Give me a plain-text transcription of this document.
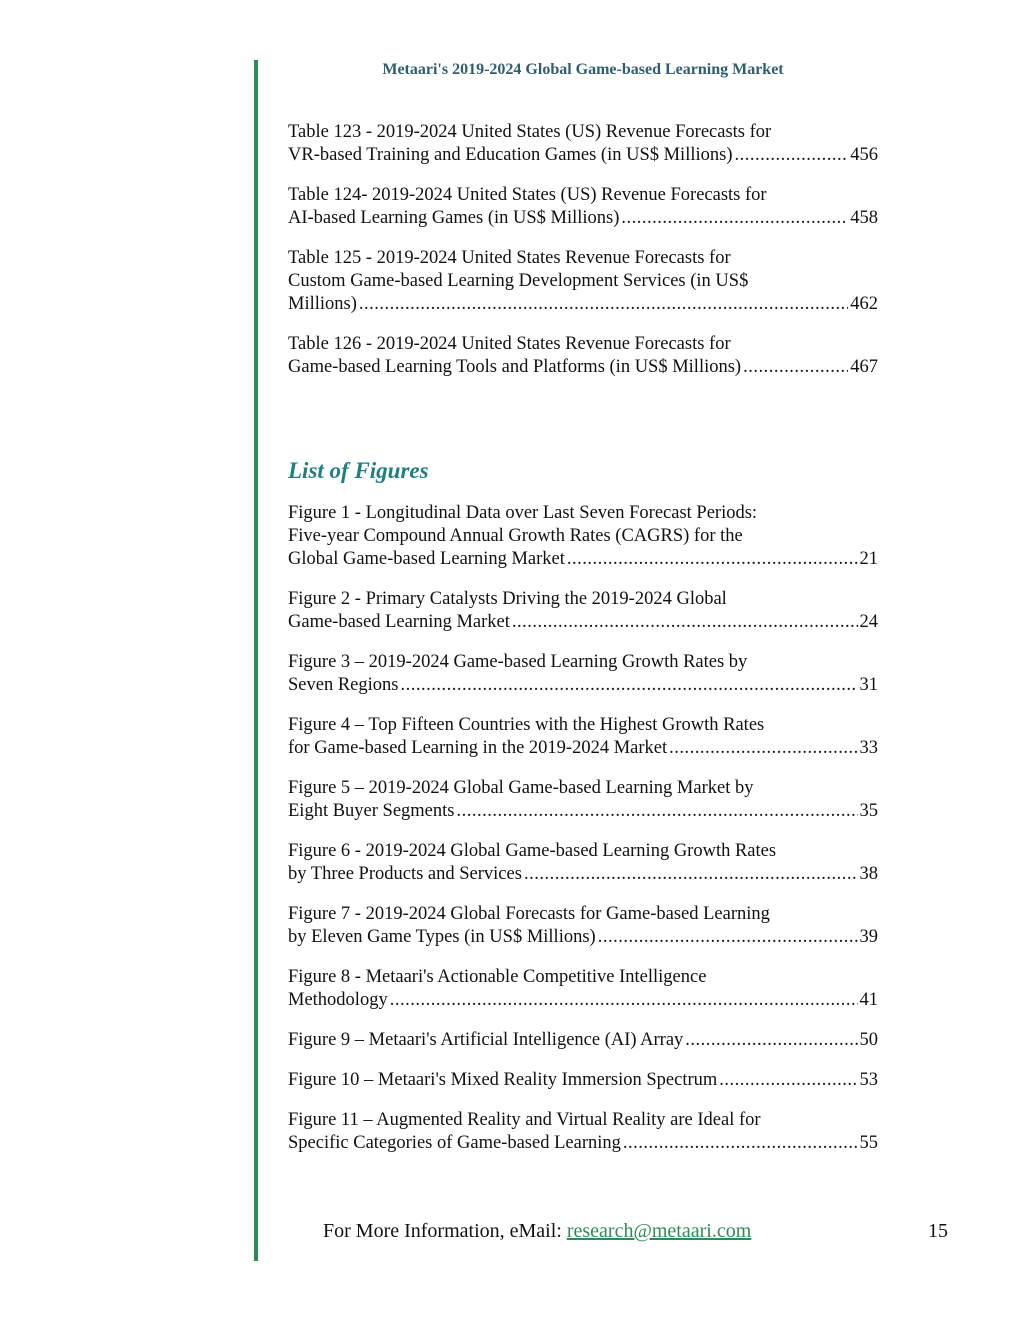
Metaari's 2019-2024 Global Game-based Learning Market
Table 123 - 2019-2024 United States (US) Revenue Forecasts for
VR-based Training and Education Games (in US$ Millions) .....	456
Table 124- 2019-2024 United States (US) Revenue Forecasts for
AI-based Learning Games (in US$ Millions) .....	458
Table 125 - 2019-2024 United States Revenue Forecasts for
Custom Game-based Learning Development Services (in US$
Millions) .....	462
Table 126 - 2019-2024 United States Revenue Forecasts for
Game-based Learning Tools and Platforms (in US$ Millions) .....	467
List of Figures
Figure 1 - Longitudinal Data over Last Seven Forecast Periods:
Five-year Compound Annual Growth Rates (CAGRS) for the
Global Game-based Learning Market .....	21
Figure 2 - Primary Catalysts Driving the 2019-2024 Global
Game-based Learning Market .....	24
Figure 3 – 2019-2024 Game-based Learning Growth Rates by
Seven Regions .....	31
Figure 4 – Top Fifteen Countries with the Highest Growth Rates
for Game-based Learning in the 2019-2024 Market .....	33
Figure 5 – 2019-2024 Global Game-based Learning Market by
Eight Buyer Segments .....	35
Figure 6 - 2019-2024 Global Game-based Learning Growth Rates
by Three Products and Services .....	38
Figure 7 - 2019-2024 Global Forecasts for Game-based Learning
by Eleven Game Types (in US$ Millions) .....	39
Figure 8 - Metaari's Actionable Competitive Intelligence
Methodology .....	41
Figure 9 – Metaari's Artificial Intelligence (AI) Array .....	50
Figure 10 – Metaari's Mixed Reality Immersion Spectrum .....	53
Figure 11 – Augmented Reality and Virtual Reality are Ideal for
Specific Categories of Game-based Learning .....	55
For More Information, eMail: research@metaari.com	15
